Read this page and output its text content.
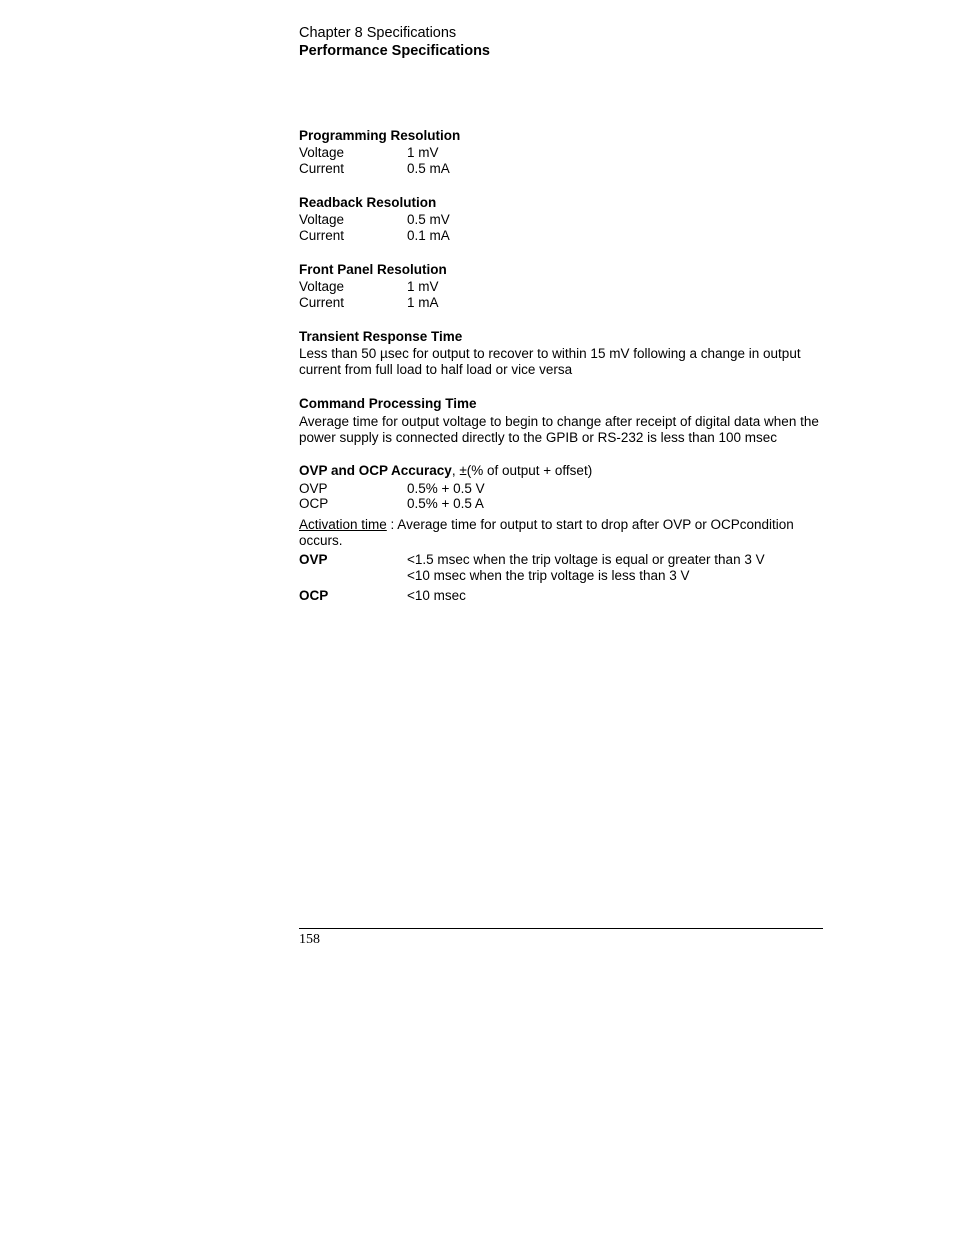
Chapter 8 Specifications
Performance Specifications
Programming Resolution
Voltage	1 mV
Current	0.5 mA
Readback Resolution
Voltage	0.5 mV
Current	0.1 mA
Front Panel Resolution
Voltage	1 mV
Current	1 mA
Transient Response Time
Less than 50 µsec for output to recover to within 15 mV following a change in output current from full load to half load or vice versa
Command Processing Time
Average time for output voltage to begin to change after receipt of digital data when the power supply is connected directly to the GPIB or RS-232 is less than 100 msec
OVP and OCP Accuracy, ±(% of output + offset)
OVP	0.5% + 0.5 V
OCP	0.5% + 0.5 A
Activation time : Average time for output to start to drop after OVP or OCPcondition occurs.
OVP	<1.5 msec when the trip voltage is equal or greater than 3 V
<10 msec when the trip voltage is less than 3 V
OCP	<10 msec
158
